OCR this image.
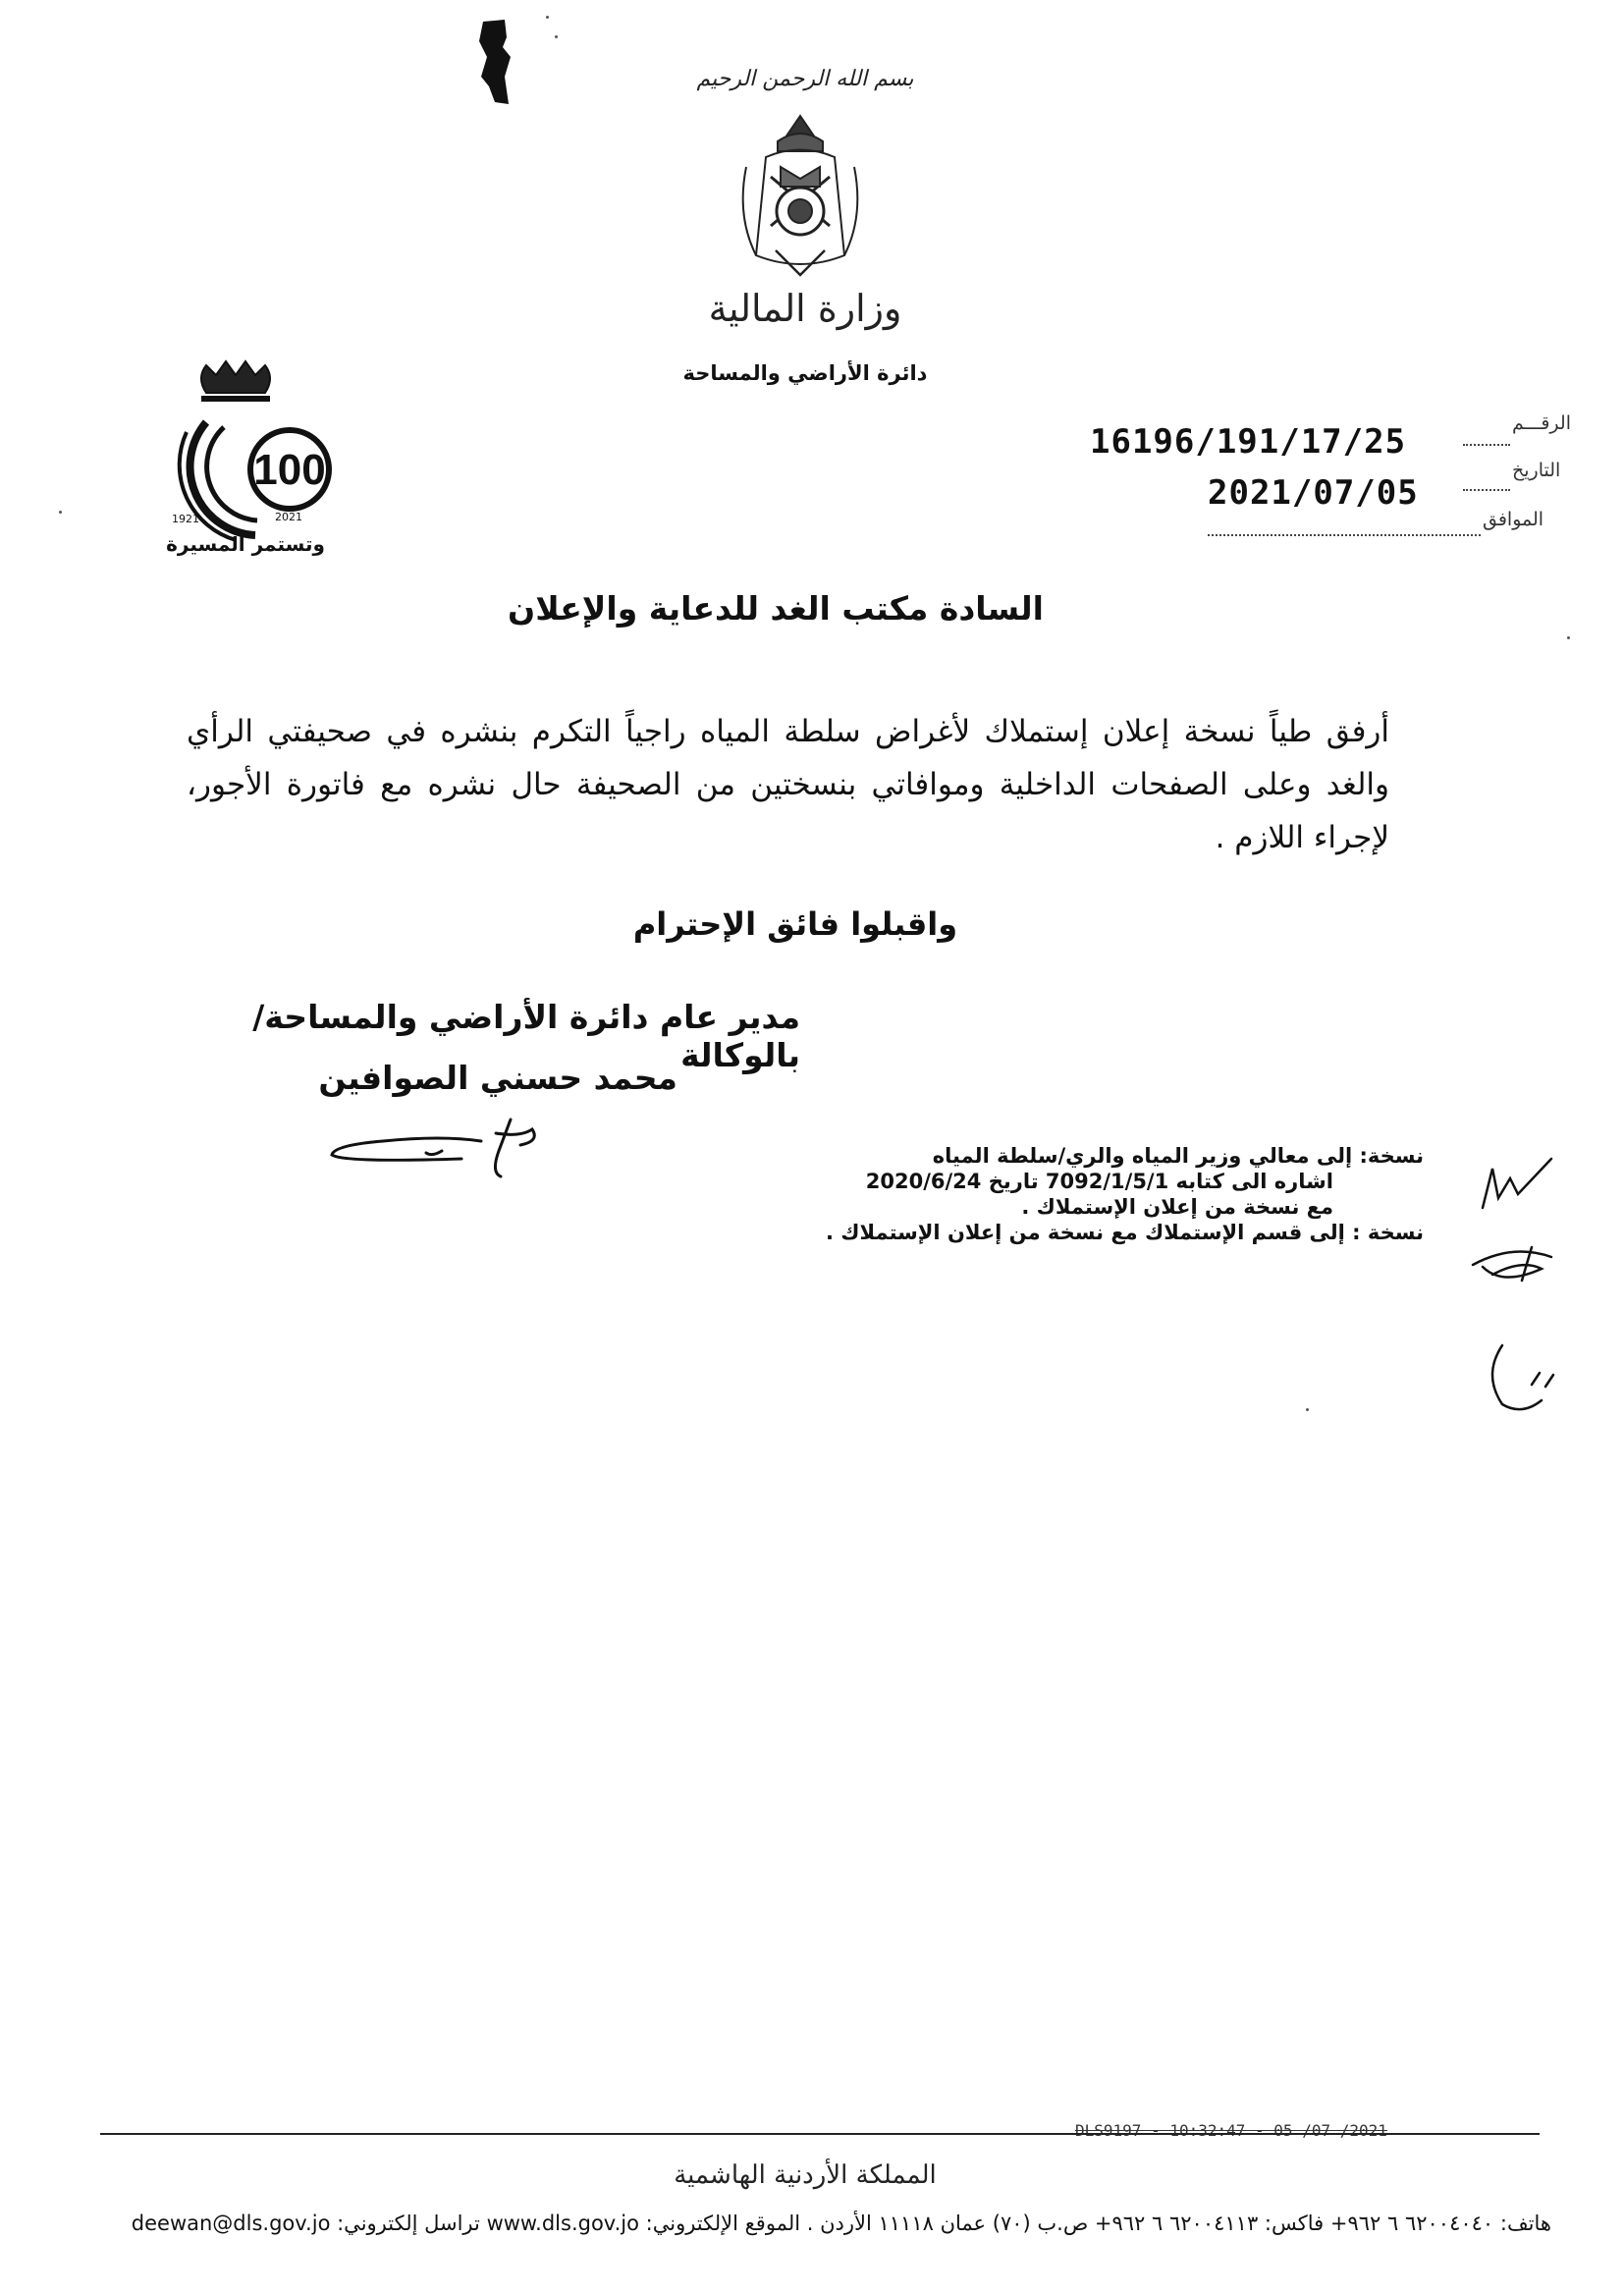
بسم الله الرحمن الرحيم
وزارة المالية
دائرة الأراضي والمساحة
100
2021
1921
وتستمر المسيرة
الرقـــم
16196/191/17/25
التاريخ
2021/07/05
الموافق
السادة مكتب الغد للدعاية والإعلان
أرفق طياً نسخة إعلان إستملاك لأغراض سلطة المياه راجياً التكرم بنشره في صحيفتي الرأي والغد وعلى الصفحات الداخلية وموافاتي بنسختين من الصحيفة حال نشره مع فاتورة الأجور، لإجراء اللازم .
واقبلوا فائق الإحترام
مدير عام دائرة الأراضي والمساحة/بالوكالة
محمد حسني الصوافين
نسخة: إلى معالي وزير المياه والري/سلطة المياه
اشاره الى كتابه 7092/1/5/1 تاريخ 2020/6/24
مع نسخة من إعلان الإستملاك .
نسخة : إلى قسم الإستملاك مع نسخة من إعلان الإستملاك .
DLS9197 - 10:32:47 - 05 /07 /2021
المملكة الأردنية الهاشمية
هاتف: ٦٢٠٠٤٠٤٠ ٦ ٩٦٢+ فاكس: ٦٢٠٠٤١١٣ ٦ ٩٦٢+ ص.ب (٧٠) عمان ١١١١٨ الأردن . الموقع الإلكتروني: www.dls.gov.jo تراسل إلكتروني: deewan@dls.gov.jo
